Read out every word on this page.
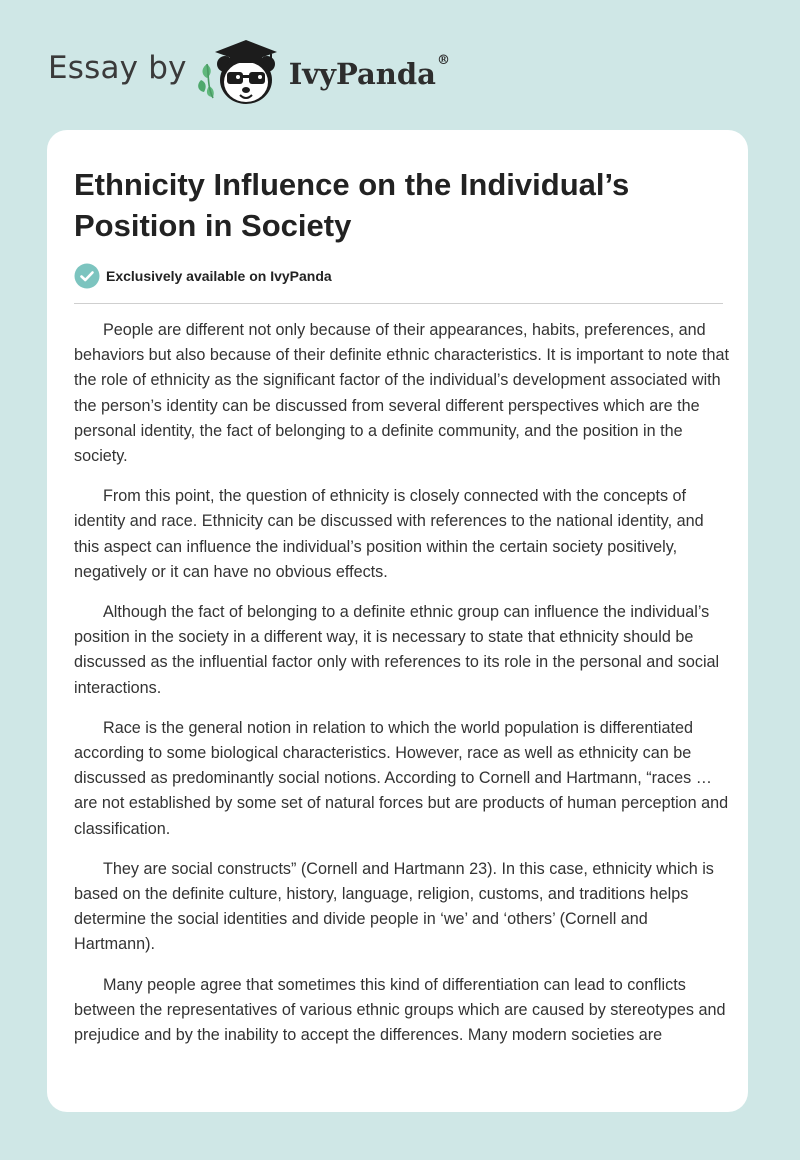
Essay by	IvyPanda®
Ethnicity Influence on the Individual’s Position in Society
Exclusively available on IvyPanda

People are different not only because of their appearances, habits, preferences, and behaviors but also because of their definite ethnic characteristics. It is important to note that the role of ethnicity as the significant factor of the individual’s development associated with the person’s identity can be discussed from several different perspectives which are the personal identity, the fact of belonging to a definite community, and the position in the society.

From this point, the question of ethnicity is closely connected with the concepts of identity and race. Ethnicity can be discussed with references to the national identity, and this aspect can influence the individual’s position within the certain society positively, negatively or it can have no obvious effects.

Although the fact of belonging to a definite ethnic group can influence the individual’s position in the society in a different way, it is necessary to state that ethnicity should be discussed as the influential factor only with references to its role in the personal and social interactions.

Race is the general notion in relation to which the world population is differentiated according to some biological characteristics. However, race as well as ethnicity can be discussed as predominantly social notions. According to Cornell and Hartmann, “races … are not established by some set of natural forces but are products of human perception and classification.

They are social constructs” (Cornell and Hartmann 23). In this case, ethnicity which is based on the definite culture, history, language, religion, customs, and traditions helps determine the social identities and divide people in ‘we’ and ‘others’ (Cornell and Hartmann).

Many people agree that sometimes this kind of differentiation can lead to conflicts between the representatives of various ethnic groups which are caused by stereotypes and prejudice and by the inability to accept the differences. Many modern societies are
